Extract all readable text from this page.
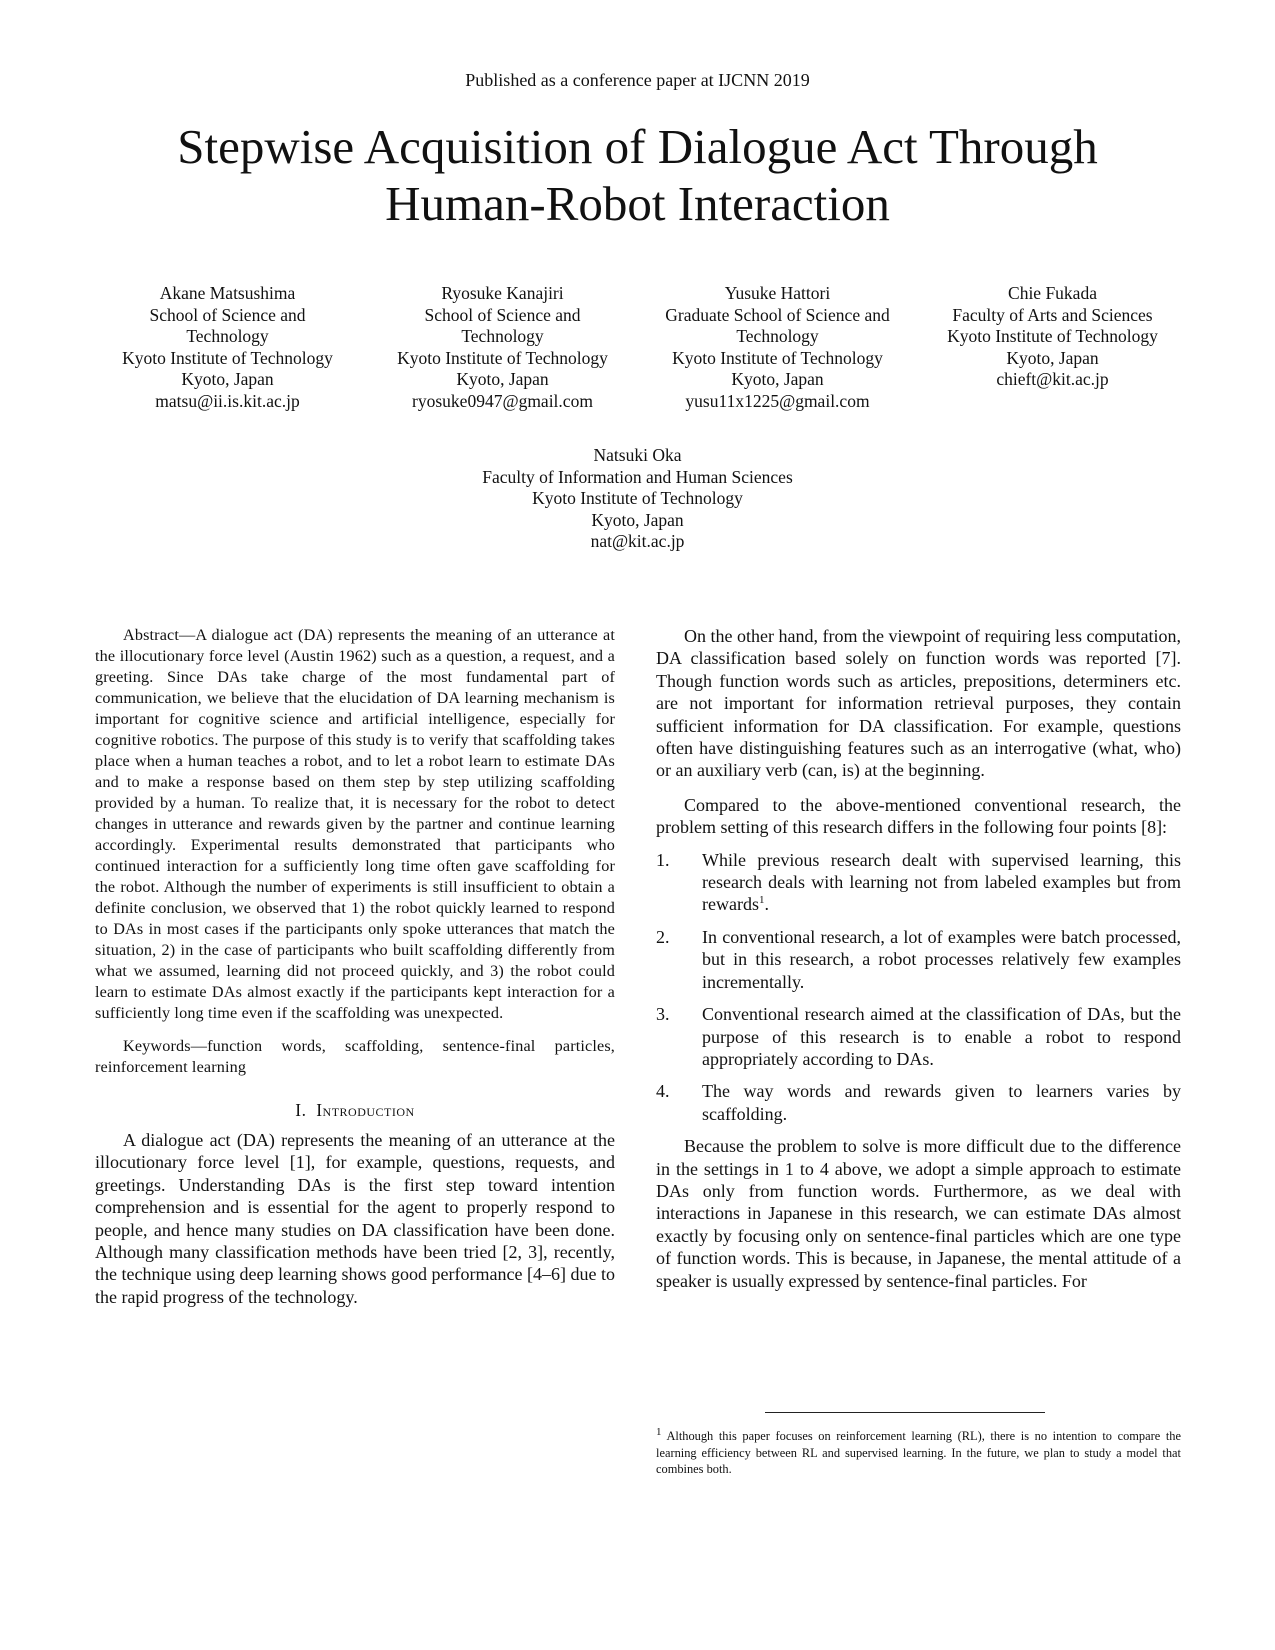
Published as a conference paper at IJCNN 2019
Stepwise Acquisition of Dialogue Act Through
Human-Robot Interaction
Akane Matsushima
School of Science and
Technology
Kyoto Institute of Technology
Kyoto, Japan
matsu@ii.is.kit.ac.jp
Ryosuke Kanajiri
School of Science and
Technology
Kyoto Institute of Technology
Kyoto, Japan
ryosuke0947@gmail.com
Yusuke Hattori
Graduate School of Science and
Technology
Kyoto Institute of Technology
Kyoto, Japan
yusu11x1225@gmail.com
Chie Fukada
Faculty of Arts and Sciences
Kyoto Institute of Technology
Kyoto, Japan
chieft@kit.ac.jp
Natsuki Oka
Faculty of Information and Human Sciences
Kyoto Institute of Technology
Kyoto, Japan
nat@kit.ac.jp

Abstract—A dialogue act (DA) represents the meaning of an utterance at the illocutionary force level (Austin 1962) such as a question, a request, and a greeting. Since DAs take charge of the most fundamental part of communication, we believe that the elucidation of DA learning mechanism is important for cognitive science and artificial intelligence, especially for cognitive robotics. The purpose of this study is to verify that scaffolding takes place when a human teaches a robot, and to let a robot learn to estimate DAs and to make a response based on them step by step utilizing scaffolding provided by a human. To realize that, it is necessary for the robot to detect changes in utterance and rewards given by the partner and continue learning accordingly. Experimental results demonstrated that participants who continued interaction for a sufficiently long time often gave scaffolding for the robot. Although the number of experiments is still insufficient to obtain a definite conclusion, we observed that 1) the robot quickly learned to respond to DAs in most cases if the participants only spoke utterances that match the situation, 2) in the case of participants who built scaffolding differently from what we assumed, learning did not proceed quickly, and 3) the robot could learn to estimate DAs almost exactly if the participants kept interaction for a sufficiently long time even if the scaffolding was unexpected.

Keywords—function words, scaffolding, sentence-final particles, reinforcement learning

I. Introduction

A dialogue act (DA) represents the meaning of an utterance at the illocutionary force level [1], for example, questions, requests, and greetings. Understanding DAs is the first step toward intention comprehension and is essential for the agent to properly respond to people, and hence many studies on DA classification have been done. Although many classification methods have been tried [2, 3], recently, the technique using deep learning shows good performance [4–6] due to the rapid progress of the technology.

On the other hand, from the viewpoint of requiring less computation, DA classification based solely on function words was reported [7]. Though function words such as articles, prepositions, determiners etc. are not important for information retrieval purposes, they contain sufficient information for DA classification. For example, questions often have distinguishing features such as an interrogative (what, who) or an auxiliary verb (can, is) at the beginning.

Compared to the above-mentioned conventional research, the problem setting of this research differs in the following four points [8]:

1.	While previous research dealt with supervised learning, this research deals with learning not from labeled examples but from rewards$^1$.
2.	In conventional research, a lot of examples were batch processed, but in this research, a robot processes relatively few examples incrementally.
3.	Conventional research aimed at the classification of DAs, but the purpose of this research is to enable a robot to respond appropriately according to DAs.
4.	The way words and rewards given to learners varies by scaffolding.

Because the problem to solve is more difficult due to the difference in the settings in 1 to 4 above, we adopt a simple approach to estimate DAs only from function words. Furthermore, as we deal with interactions in Japanese in this research, we can estimate DAs almost exactly by focusing only on sentence-final particles which are one type of function words. This is because, in Japanese, the mental attitude of a speaker is usually expressed by sentence-final particles. For

$^1$ Although this paper focuses on reinforcement learning (RL), there is no intention to compare the learning efficiency between RL and supervised learning. In the future, we plan to study a model that combines both.
